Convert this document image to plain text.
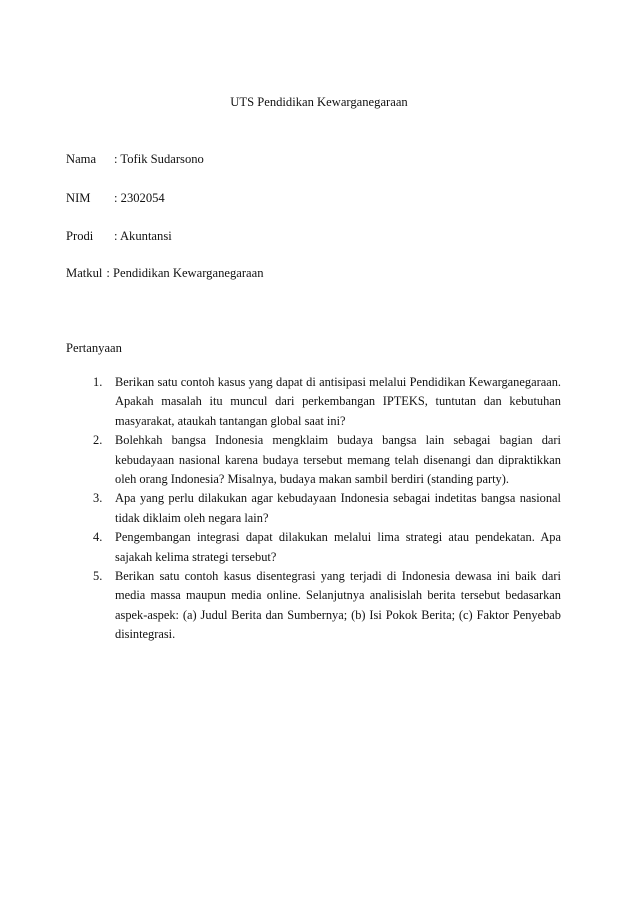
UTS Pendidikan Kewarganegaraan
Nama : Tofik Sudarsono
NIM : 2302054
Prodi : Akuntansi
Matkul : Pendidikan Kewarganegaraan
Pertanyaan
1. Berikan satu contoh kasus yang dapat di antisipasi melalui Pendidikan Kewarganegaraan. Apakah masalah itu muncul dari perkembangan IPTEKS, tuntutan dan kebutuhan masyarakat, ataukah tantangan global saat ini?
2. Bolehkah bangsa Indonesia mengklaim budaya bangsa lain sebagai bagian dari kebudayaan nasional karena budaya tersebut memang telah disenangi dan dipraktikkan oleh orang Indonesia? Misalnya, budaya makan sambil berdiri (standing party).
3. Apa yang perlu dilakukan agar kebudayaan Indonesia sebagai indetitas bangsa nasional tidak diklaim oleh negara lain?
4. Pengembangan integrasi dapat dilakukan melalui lima strategi atau pendekatan. Apa sajakah kelima strategi tersebut?
5. Berikan satu contoh kasus disentegrasi yang terjadi di Indonesia dewasa ini baik dari media massa maupun media online. Selanjutnya analisislah berita tersebut bedasarkan aspek-aspek: (a) Judul Berita dan Sumbernya; (b) Isi Pokok Berita; (c) Faktor Penyebab disintegrasi.
